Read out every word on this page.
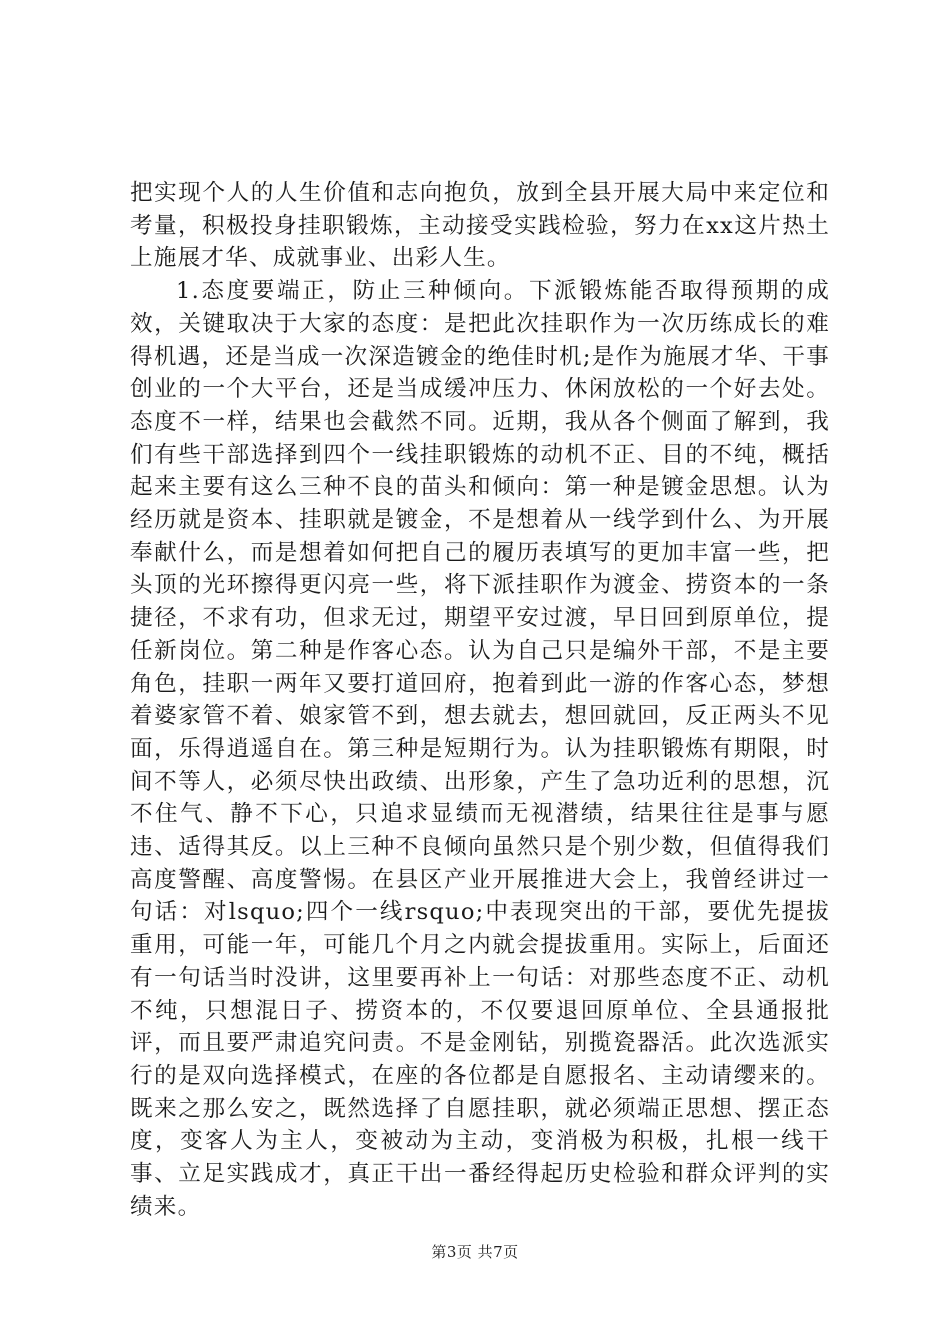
把实现个人的人生价值和志向抱负，放到全县开展大局中来定位和考量，积极投身挂职锻炼，主动接受实践检验，努力在xx这片热土上施展才华、成就事业、出彩人生。

1.态度要端正，防止三种倾向。下派锻炼能否取得预期的成效，关键取决于大家的态度：是把此次挂职作为一次历练成长的难得机遇，还是当成一次深造镀金的绝佳时机;是作为施展才华、干事创业的一个大平台，还是当成缓冲压力、休闲放松的一个好去处。态度不一样，结果也会截然不同。近期，我从各个侧面了解到，我们有些干部选择到四个一线挂职锻炼的动机不正、目的不纯，概括起来主要有这么三种不良的苗头和倾向：第一种是镀金思想。认为经历就是资本、挂职就是镀金，不是想着从一线学到什么、为开展奉献什么，而是想着如何把自己的履历表填写的更加丰富一些，把头顶的光环擦得更闪亮一些，将下派挂职作为渡金、捞资本的一条捷径，不求有功，但求无过，期望平安过渡，早日回到原单位，提任新岗位。第二种是作客心态。认为自己只是编外干部，不是主要角色，挂职一两年又要打道回府，抱着到此一游的作客心态，梦想着婆家管不着、娘家管不到，想去就去，想回就回，反正两头不见面，乐得逍遥自在。第三种是短期行为。认为挂职锻炼有期限，时间不等人，必须尽快出政绩、出形象，产生了急功近利的思想，沉不住气、静不下心，只追求显绩而无视潜绩，结果往往是事与愿违、适得其反。以上三种不良倾向虽然只是个别少数，但值得我们高度警醒、高度警惕。在县区产业开展推进大会上，我曾经讲过一句话：对lsquo;四个一线rsquo;中表现突出的干部，要优先提拔重用，可能一年，可能几个月之内就会提拔重用。实际上，后面还有一句话当时没讲，这里要再补上一句话：对那些态度不正、动机不纯，只想混日子、捞资本的，不仅要退回原单位、全县通报批评，而且要严肃追究问责。不是金刚钻，别揽瓷器活。此次选派实行的是双向选择模式，在座的各位都是自愿报名、主动请缨来的。既来之那么安之，既然选择了自愿挂职，就必须端正思想、摆正态度，变客人为主人，变被动为主动，变消极为积极，扎根一线干事、立足实践成才，真正干出一番经得起历史检验和群众评判的实绩来。

第3页 共7页
